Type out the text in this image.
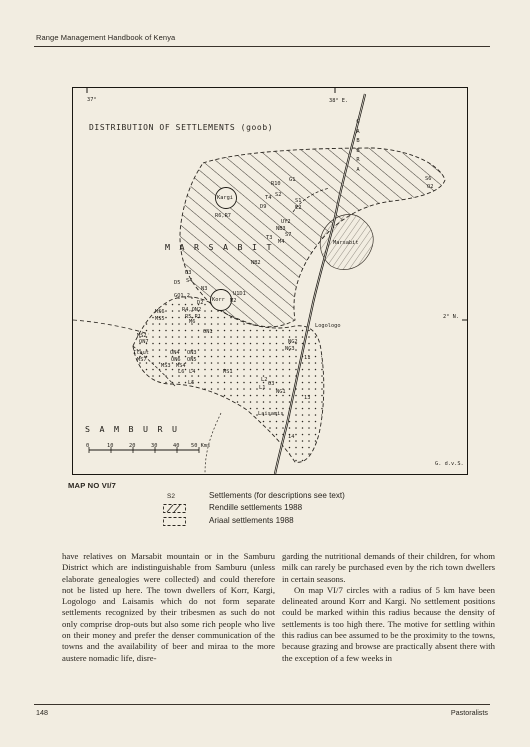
Range Management Handbook of Kenya
37°	38° E.
2° N.
DISTRIBUTION OF SETTLEMENTS (goob)
G
A
B
B
R
A
MARSABIT
SAMBURU
Kargi
Korr
Marsabit
Logologo
Laisamis
Ilaut
R10
G1
T4 S2
D9
S1
E2
UY2
NB3
S7
T3
M4
S6
O2
R6,R7
NB2
U3
D5 S4
N3
GO1,2	U1D1
M2
D2
R4,ON2
R5,R1
M6
MS6
MS5
ON1
MS2
ON7
ON4 ON3
ON6 ON5
MS7
MS3 MS4
L6 L4	MS1
L5
NG2
NG3
11
L2
O3
L1
NG1
13
14
0	10	20	30	40 50 Kms
G. d.v.S.
MAP NO VI/7
S2	Settlements (for descriptions see text)
Rendille settlements 1988
Ariaal settlements 1988

have relatives on Marsabit mountain or in the Samburu District which are indistinguishable from Samburu (unless elaborate genealogies were collected) and could therefore not be listed up here. The town dwellers of Korr, Kargi, Logologo and Laisamis which do not form separate settlements recognized by their tribesmen as such do not only comprise drop-outs but also some rich people who live on their money and prefer the denser communication of the towns and the availability of beer and miraa to the more austere nomadic life, disre-

garding the nutritional demands of their children, for whom milk can rarely be purchased even by the rich town dwellers in certain seasons.

On map VI/7 circles with a radius of 5 km have been delineated around Korr and Kargi. No settlement positions could be marked within this radius because the density of settlements is too high there. The motive for settling within this radius can bee assumed to be the proximity to the towns, because grazing and browse are practically absent there with the exception of a few weeks in

148	Pastoralists
